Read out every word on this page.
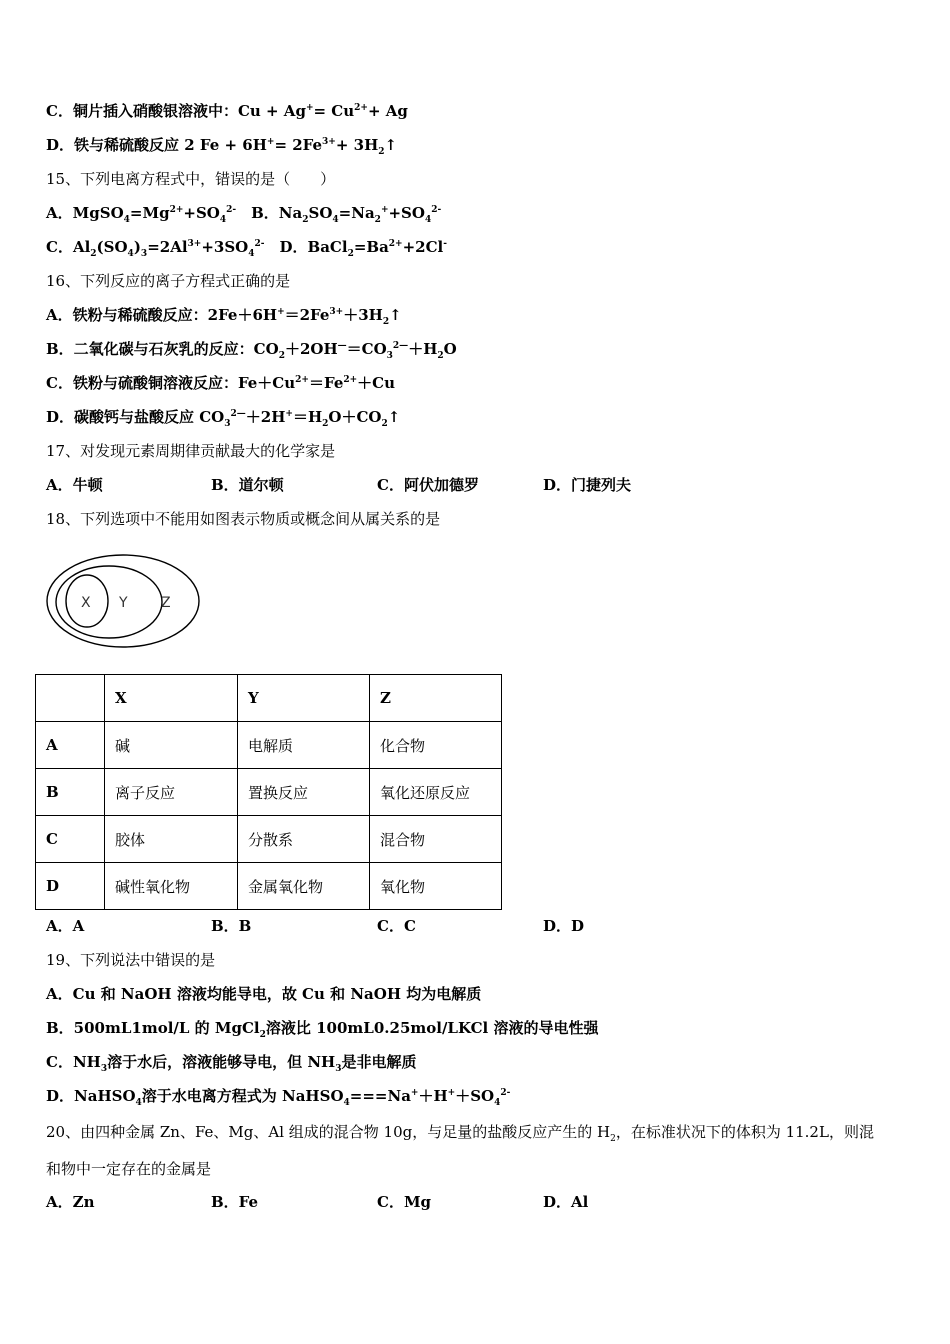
C．铜片插入硝酸银溶液中：$Cu + Ag^+= Cu^{2+}+ Ag$
D．铁与稀硫酸反应 2 $Fe + 6H^+= 2Fe^{3+}+$ $3H_2↑$
15、下列电离方程式中，错误的是（　　）
A．$MgSO_4=Mg^{2+}+SO_4^{2-}$　B．$Na_2SO_4=Na_2^++SO_4^{2-}$
C．$Al_2(SO_4)_3=2Al^{3+}+3SO_4^{2-}$　D．$BaCl_2=Ba^{2+}+2Cl^-$
16、下列反应的离子方程式正确的是
A．铁粉与稀硫酸反应：$2Fe+6H^+=2Fe^{3+}+3H_2↑$
B．二氧化碳与石灰乳的反应：$CO_2+2OH^—=CO_3^{2—}+H_2O$
C．铁粉与硫酸铜溶液反应：$Fe+Cu^{2+}=Fe^{2+}+Cu$
D．碳酸钙与盐酸反应 $CO_3^{2—}+2H^+=H_2O+CO_2↑$
17、对发现元素周期律贡献最大的化学家是
A．牛顿	B．道尔顿	C．阿伏加德罗	D．门捷列夫
18、下列选项中不能用如图表示物质或概念间从属关系的是
X Y Z
	X	Y	Z
A	碱	电解质	化合物
B	离子反应	置换反应	氧化还原反应
C	胶体	分散系	混合物
D	碱性氧化物	金属氧化物	氧化物
A．A	B．B	C．C	D．D
19、下列说法中错误的是
A．Cu 和 NaOH 溶液均能导电，故 Cu 和 NaOH 均为电解质
B．500mL1mol/L 的 MgCl$_2$溶液比 100mL0.25mol/LKCl 溶液的导电性强
C．$NH_3$溶于水后，溶液能够导电，但 $NH_3$是非电解质
D．NaHSO$_4$溶于水电离方程式为 $NaHSO_4===Na^++H^++SO_4^{2-}$
20、由四种金属 Zn、Fe、Mg、Al 组成的混合物 10g，与足量的盐酸反应产生的 $H_2$，在标准状况下的体积为 11.2L，则混
和物中一定存在的金属是
A．Zn	B．Fe	C．Mg	D．Al
